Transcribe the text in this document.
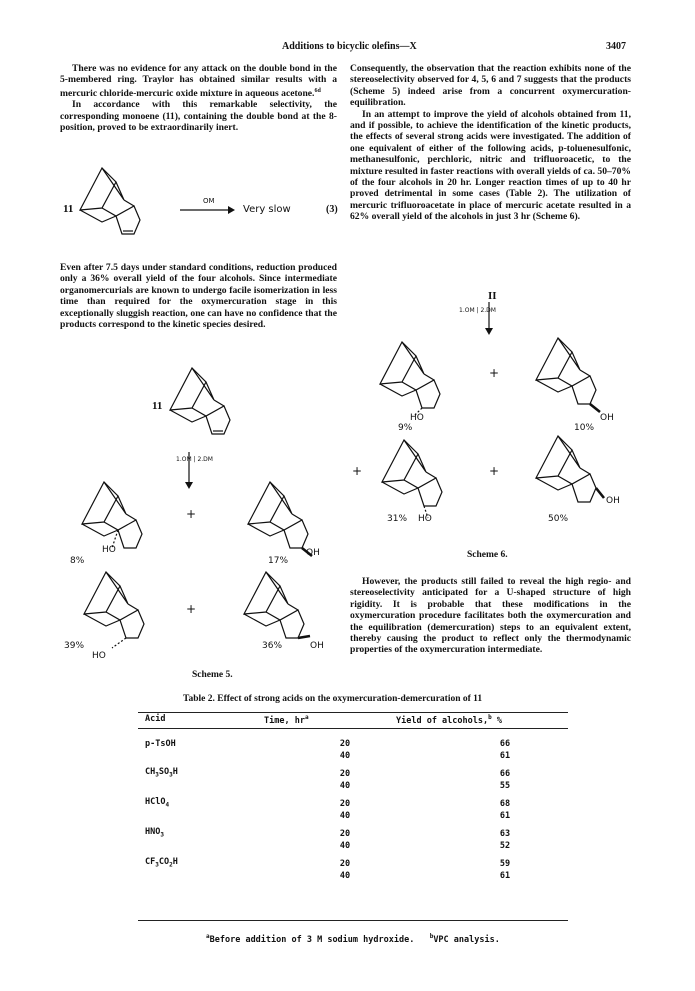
Additions to bicyclic olefins—X	3407

There was no evidence for any attack on the double bond in the 5-membered ring. Traylor has obtained similar results with a mercuric chloride-mercuric oxide mixture in aqueous acetone.$^{6d}$

In accordance with this remarkable selectivity, the corresponding monoene (11), containing the double bond at the 8-position, proved to be extraordinarily inert.

11
OM
Very slow	(3)

Even after 7.5 days under standard conditions, reduction produced only a 36% overall yield of the four alcohols. Since intermediate organomercurials are known to undergo facile isomerization in less time than required for the oxymercuration stage in this exceptionally sluggish reaction, one can have no confidence that the products correspond to the kinetic species desired.

Consequently, the observation that the reaction exhibits none of the stereoselectivity observed for 4, 5, 6 and 7 suggests that the products (Scheme 5) indeed arise from a concurrent oxymercuration-equilibration.

In an attempt to improve the yield of alcohols obtained from 11, and if possible, to achieve the identification of the kinetic products, the effects of several strong acids were investigated. The addition of one equivalent of either of the following acids, p-toluenesulfonic, methanesulfonic, perchloric, nitric and trifluoroacetic, to the mixture resulted in faster reactions with overall yields of ca. 50–70% of the four alcohols in 20 hr. Longer reaction times of up to 40 hr proved detrimental in some cases (Table 2). The utilization of mercuric trifluoroacetate in place of mercuric acetate resulted in a 62% overall yield of the alcohols in just 3 hr (Scheme 6).

11
1.OM | 2.DM
HO
8%
+
OH
17%
39%
HO
+
36%	OH
Scheme 5.
II
1.OM | 2.DM
9%
HO
+
10%
OH
+
31% HO
+
50%
OH
Scheme 6.

However, the products still failed to reveal the high regio- and stereoselectivity anticipated for a U-shaped structure of high rigidity. It is probable that these modifications in the oxymercuration procedure facilitates both the oxymercuration and the equilibration (demercuration) steps to an equivalent extent, thereby causing the product to reflect only the thermodynamic properties of the oxymercuration intermediate.

Table 2. Effect of strong acids on the oxymercuration-demercuration of 11
Acid	Time, $hr^a$	Yield of alcohols,$^b$ %
p-TsOH	20	66
	40	61
$CH_3SO_3H$	20	66
	40	55
HClO$_4$	20	68
	40	61
$HNO_3$	20	63
	40	52
$CF_3CO_2H$	20	59
	40	61
$^a$Before addition of 3 M sodium hydroxide.	$^b$VPC analysis.
